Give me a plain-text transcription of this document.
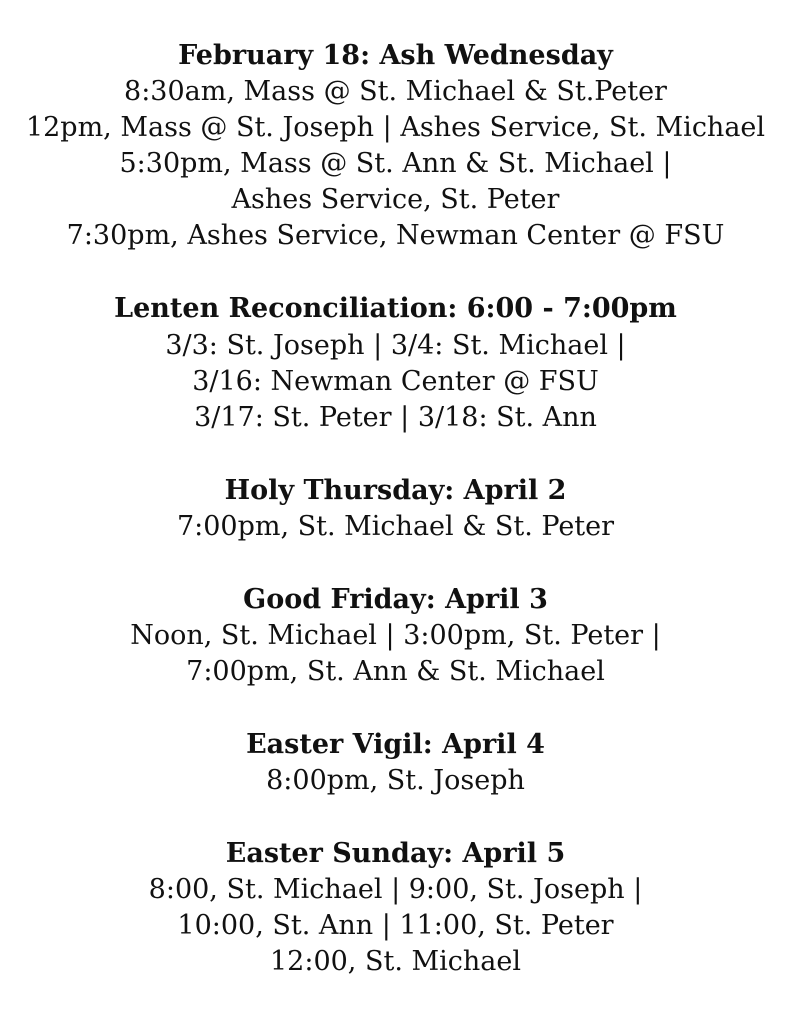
February 18: Ash Wednesday
8:30am, Mass @ St. Michael & St.Peter
12pm, Mass @ St. Joseph | Ashes Service, St. Michael
5:30pm, Mass @ St. Ann & St. Michael |
Ashes Service, St. Peter
7:30pm, Ashes Service, Newman Center @ FSU
Lenten Reconciliation: 6:00 - 7:00pm
3/3: St. Joseph | 3/4: St. Michael |
3/16: Newman Center @ FSU
3/17: St. Peter | 3/18: St. Ann
Holy Thursday: April 2
7:00pm, St. Michael & St. Peter
Good Friday: April 3
Noon, St. Michael | 3:00pm, St. Peter |
7:00pm, St. Ann & St. Michael
Easter Vigil: April 4
8:00pm, St. Joseph
Easter Sunday: April 5
8:00, St. Michael | 9:00, St. Joseph |
10:00, St. Ann | 11:00, St. Peter
12:00, St. Michael
